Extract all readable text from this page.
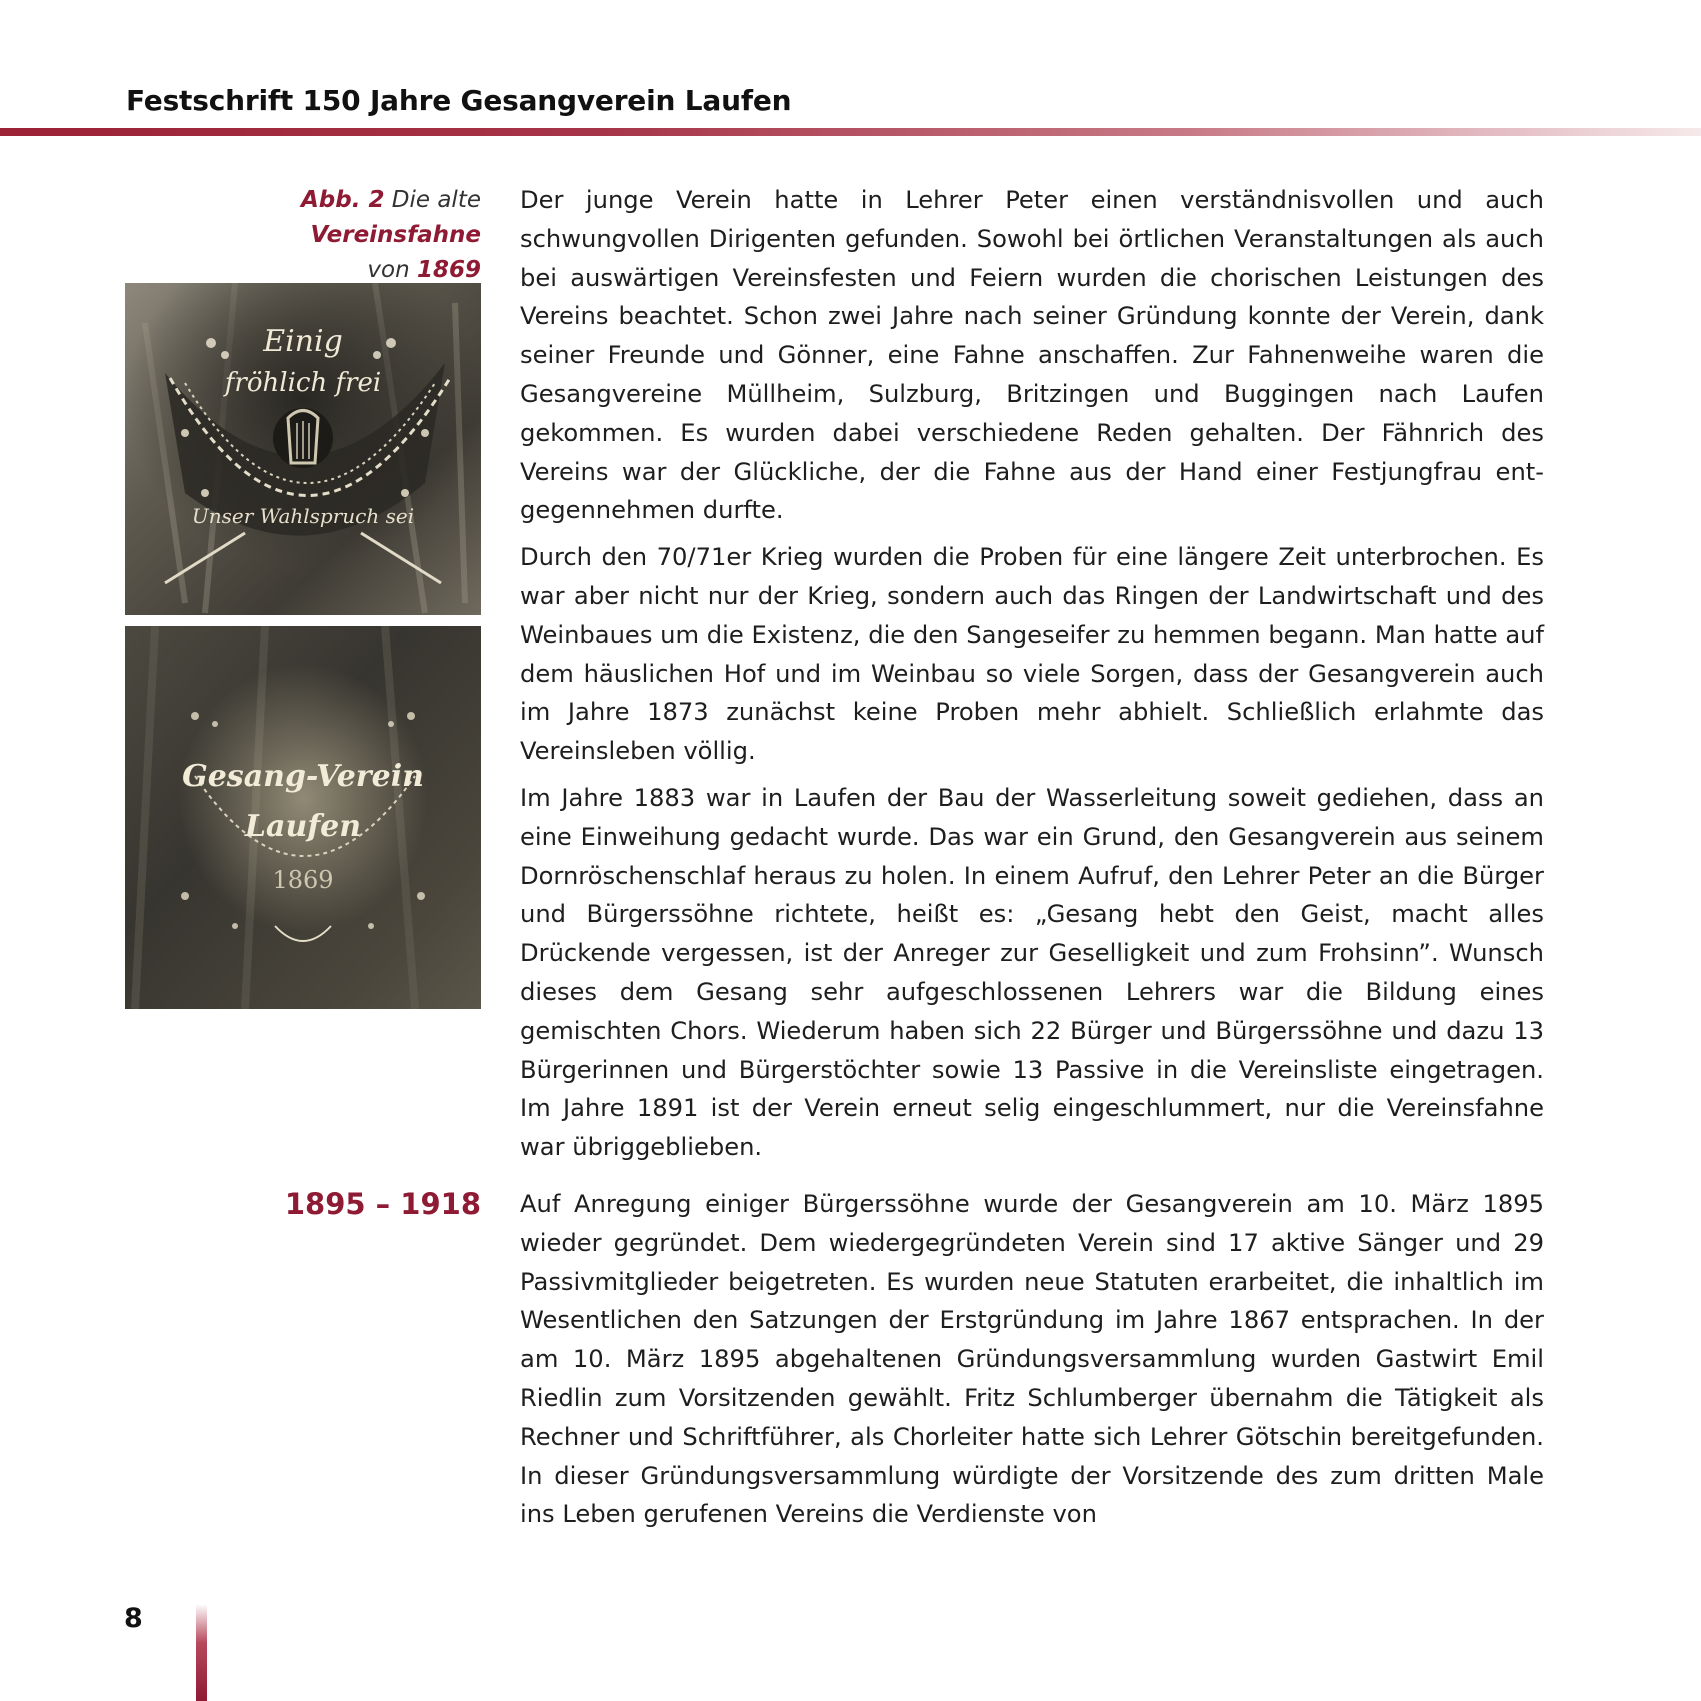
Festschrift 150 Jahre Gesangverein Laufen
Abb. 2 Die alte Vereinsfahne
von 1869
Einig
fröhlich frei
Unser Wahlspruch sei
Gesang-Verein
Laufen
1869

Der junge Verein hatte in Lehrer Peter einen verständnisvollen und auch schwungvollen Dirigenten gefunden. Sowohl bei örtlichen Veranstaltungen als auch bei auswärtigen Vereinsfesten und Feiern wurden die chorischen Leistungen des Vereins beachtet. Schon zwei Jahre nach seiner Gründung konnte der Verein, dank seiner Freunde und Gönner, eine Fahne anschaffen. Zur Fahnenweihe waren die Gesangvereine Müllheim, Sulzburg, Britzingen und Buggingen nach Laufen gekommen. Es wurden dabei verschiedene Reden gehalten. Der Fähnrich des Vereins war der Glückliche, der die Fahne aus der Hand einer Festjungfrau entgegennehmen durfte.

Durch den 70/71er Krieg wurden die Proben für eine längere Zeit unterbrochen. Es war aber nicht nur der Krieg, sondern auch das Ringen der Landwirtschaft und des Weinbaues um die Existenz, die den Sangeseifer zu hemmen begann. Man hatte auf dem häuslichen Hof und im Weinbau so viele Sorgen, dass der Gesangverein auch im Jahre 1873 zunächst keine Proben mehr abhielt. Schließlich erlahmte das Vereinsleben völlig.

Im Jahre 1883 war in Laufen der Bau der Wasserleitung soweit gediehen, dass an eine Einweihung gedacht wurde. Das war ein Grund, den Gesangverein aus seinem Dornröschenschlaf heraus zu holen. In einem Aufruf, den Lehrer Peter an die Bürger und Bürgerssöhne richtete, heißt es: „Gesang hebt den Geist, macht alles Drückende vergessen, ist der Anreger zur Geselligkeit und zum Frohsinn”. Wunsch dieses dem Gesang sehr aufgeschlossenen Lehrers war die Bildung eines gemischten Chors. Wiederum haben sich 22 Bürger und Bürgerssöhne und dazu 13 Bürgerinnen und Bürgerstöchter sowie 13 Passive in die Vereinsliste eingetragen. Im Jahre 1891 ist der Verein erneut selig eingeschlummert, nur die Vereinsfahne war übriggeblieben.

1895 – 1918 Auf Anregung einiger Bürgerssöhne wurde der Gesangverein am 10. März 1895 wieder gegründet. Dem wiedergegründeten Verein sind 17 aktive Sänger und 29 Passivmitglieder beigetreten. Es wurden neue Statuten erarbeitet, die inhaltlich im Wesentlichen den Satzungen der Erstgründung im Jahre 1867 entsprachen. In der am 10. März 1895 abgehaltenen Gründungsversammlung wurden Gastwirt Emil Riedlin zum Vorsitzenden gewählt. Fritz Schlumberger übernahm die Tätigkeit als Rechner und Schriftführer, als Chorleiter hatte sich Lehrer Götschin bereitgefunden. In dieser Gründungsversammlung würdigte der Vorsitzende des zum dritten Male ins Leben gerufenen Vereins die Verdienste von

8
